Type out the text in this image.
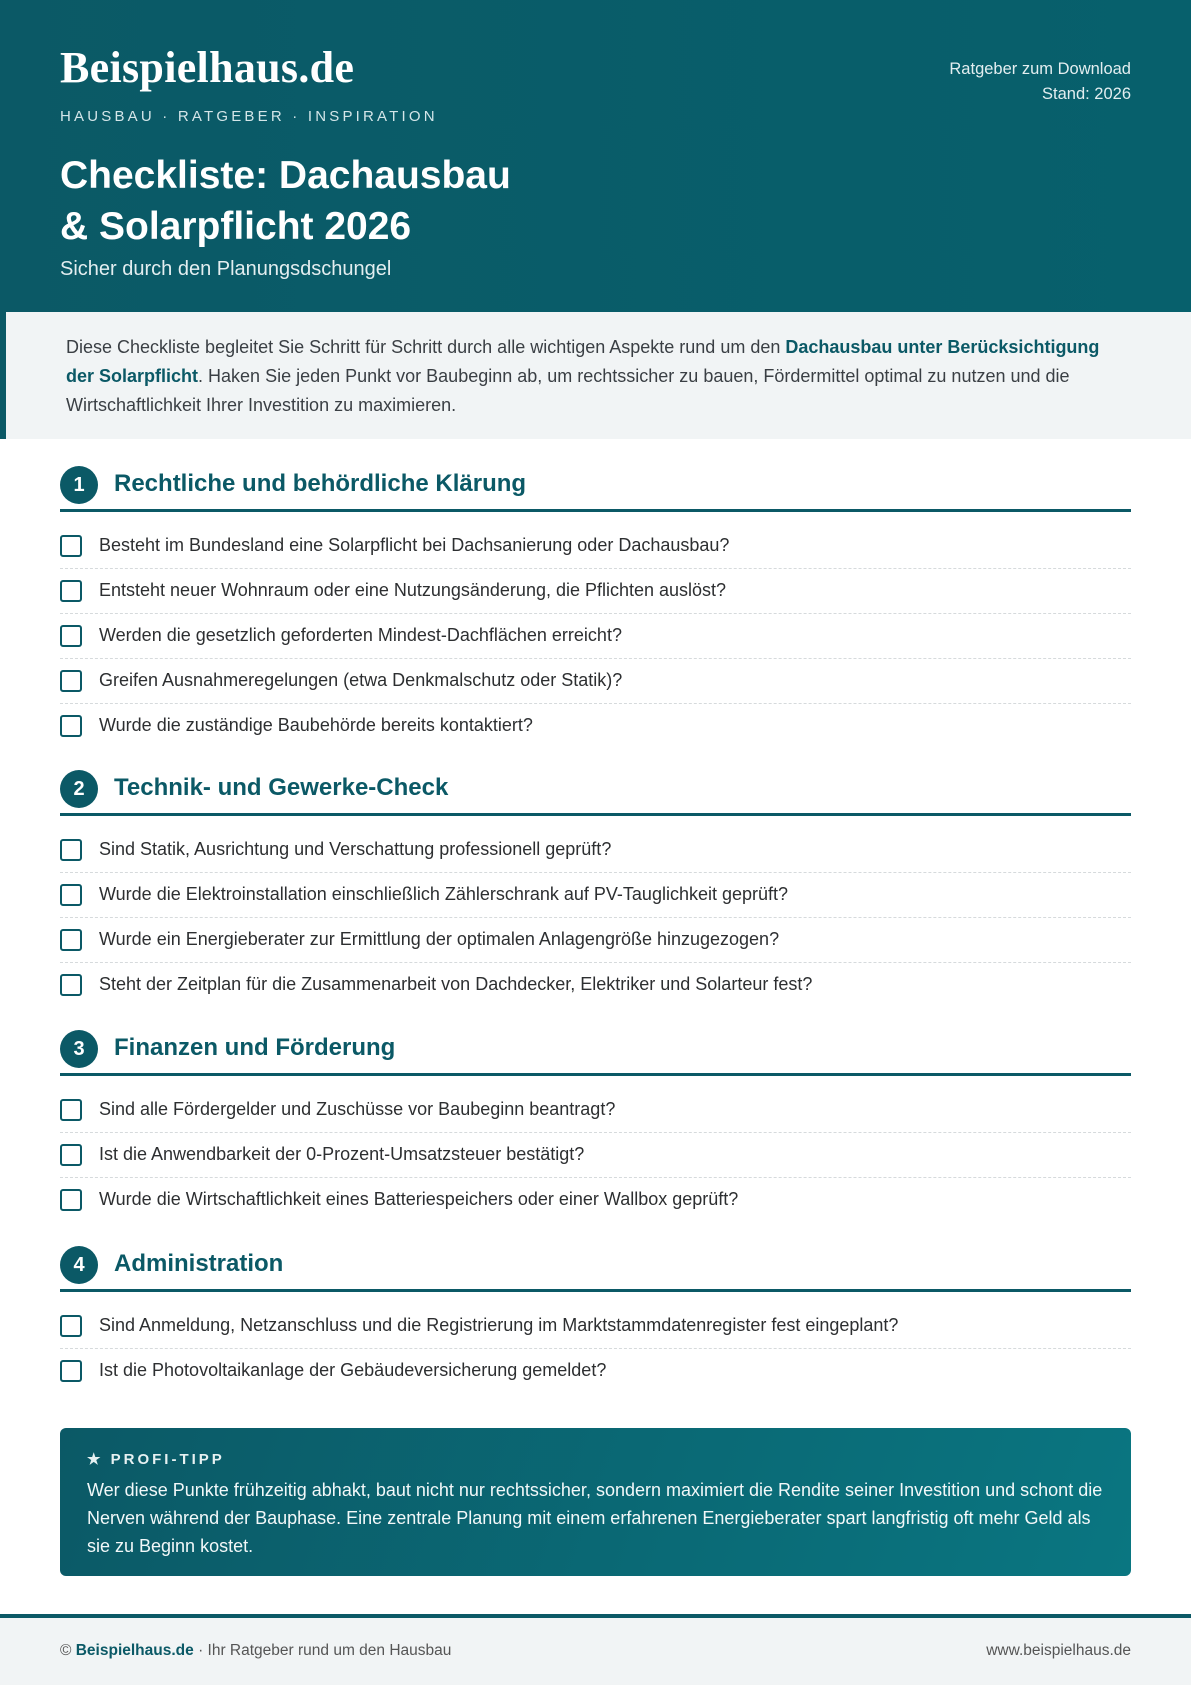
Beispielhaus.de
HAUSBAU · RATGEBER · INSPIRATION
Ratgeber zum Download
Stand: 2026
Checkliste: Dachausbau
& Solarpflicht 2026
Sicher durch den Planungsdschungel
Diese Checkliste begleitet Sie Schritt für Schritt durch alle wichtigen Aspekte rund um den Dachausbau unter Berücksichtigung der Solarpflicht. Haken Sie jeden Punkt vor Baubeginn ab, um rechtssicher zu bauen, Fördermittel optimal zu nutzen und die Wirtschaftlichkeit Ihrer Investition zu maximieren.
1	Rechtliche und behördliche Klärung
Besteht im Bundesland eine Solarpflicht bei Dachsanierung oder Dachausbau?
Entsteht neuer Wohnraum oder eine Nutzungsänderung, die Pflichten auslöst?
Werden die gesetzlich geforderten Mindest-Dachflächen erreicht?
Greifen Ausnahmeregelungen (etwa Denkmalschutz oder Statik)?
Wurde die zuständige Baubehörde bereits kontaktiert?
2	Technik- und Gewerke-Check
Sind Statik, Ausrichtung und Verschattung professionell geprüft?
Wurde die Elektroinstallation einschließlich Zählerschrank auf PV-Tauglichkeit geprüft?
Wurde ein Energieberater zur Ermittlung der optimalen Anlagengröße hinzugezogen?
Steht der Zeitplan für die Zusammenarbeit von Dachdecker, Elektriker und Solarteur fest?
3	Finanzen und Förderung
Sind alle Fördergelder und Zuschüsse vor Baubeginn beantragt?
Ist die Anwendbarkeit der 0-Prozent-Umsatzsteuer bestätigt?
Wurde die Wirtschaftlichkeit eines Batteriespeichers oder einer Wallbox geprüft?
4	Administration
Sind Anmeldung, Netzanschluss und die Registrierung im Marktstammdatenregister fest eingeplant?
Ist die Photovoltaikanlage der Gebäudeversicherung gemeldet?
★ PROFI-TIPP
Wer diese Punkte frühzeitig abhakt, baut nicht nur rechtssicher, sondern maximiert die Rendite seiner Investition und schont die Nerven während der Bauphase. Eine zentrale Planung mit einem erfahrenen Energieberater spart langfristig oft mehr Geld als sie zu Beginn kostet.
© Beispielhaus.de · Ihr Ratgeber rund um den Hausbau	www.beispielhaus.de
